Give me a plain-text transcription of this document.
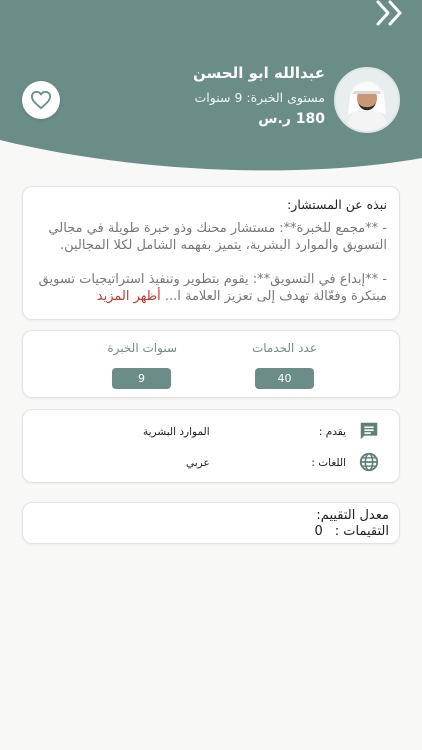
عبدالله ابو الحسن
مستوى الخبرة: 9 سنوات
180 ر.س
نبذه عن المستشار:

- **مجمع للخبرة**: مستشار محنك وذو خبرة طويلة في مجالي التسويق والموارد البشرية، يتميز بفهمه الشامل لكلا المجالين.

- **إبداع في التسويق**: يقوم بتطوير وتنفيذ استراتيجيات تسويق مبتكرة وفعّالة تهدف إلى تعزيز العلامة ا... أظهر المزيد

عدد الخدمات
40
سنوات الخبرة
9
يقدم :
الموارد البشرية
اللغات :
عربي
معدل التقييم:
التقيمات :
0
